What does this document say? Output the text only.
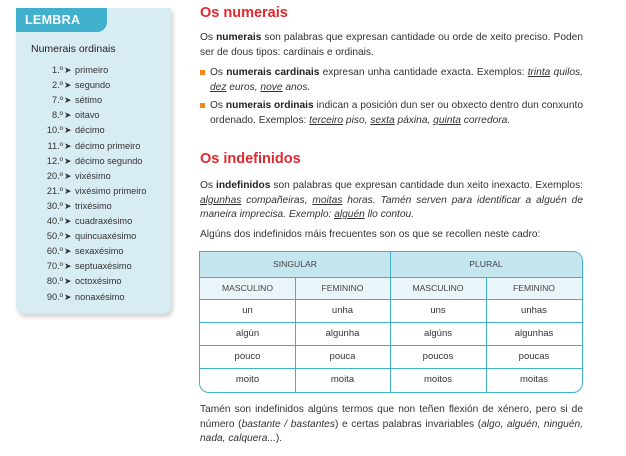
LEMBRA
Numerais ordinais
1.º ➤ primeiro
2.º ➤ segundo
7.º ➤ sétimo
8.º ➤ oitavo
10.º ➤ décimo
11.º ➤ décimo primeiro
12.º ➤ décimo segundo
20.º ➤ vixésimo
21.º ➤ vixésimo primeiro
30.º ➤ trixésimo
40.º ➤ cuadraxésimo
50.º ➤ quincuaxésimo
60.º ➤ sexaxésimo
70.º ➤ septuaxésimo
80.º ➤ octoxésimo
90.º ➤ nonaxésimo
Os numerais
Os numerais son palabras que expresan cantidade ou orde de xeito preciso. Poden ser de dous tipos: cardinais e ordinais.
Os numerais cardinais expresan unha cantidade exacta. Exemplos: trinta quilos, dez euros, nove anos.
Os numerais ordinais indican a posición dun ser ou obxecto dentro dun conxunto ordenado. Exemplos: terceiro piso, sexta páxina, quinta corredora.
Os indefinidos
Os indefinidos son palabras que expresan cantidade dun xeito inexacto. Exemplos: algunhas compañeiras, moitas horas. Tamén serven para identificar a alguén de maneira imprecisa. Exemplo: alguén llo contou.
Algúns dos indefinidos máis frecuentes son os que se recollen neste cadro:
SINGULAR	PLURAL
MASCULINO	FEMININO	MASCULINO	FEMININO
un	unha	uns	unhas
algún	algunha	algúns	algunhas
pouco	pouca	poucos	poucas
moito	moita	moitos	moitas
Tamén son indefinidos algúns termos que non teñen flexión de xénero, pero si de número (bastante / bastantes) e certas palabras invariables (algo, alguén, ninguén, nada, calquera...).
